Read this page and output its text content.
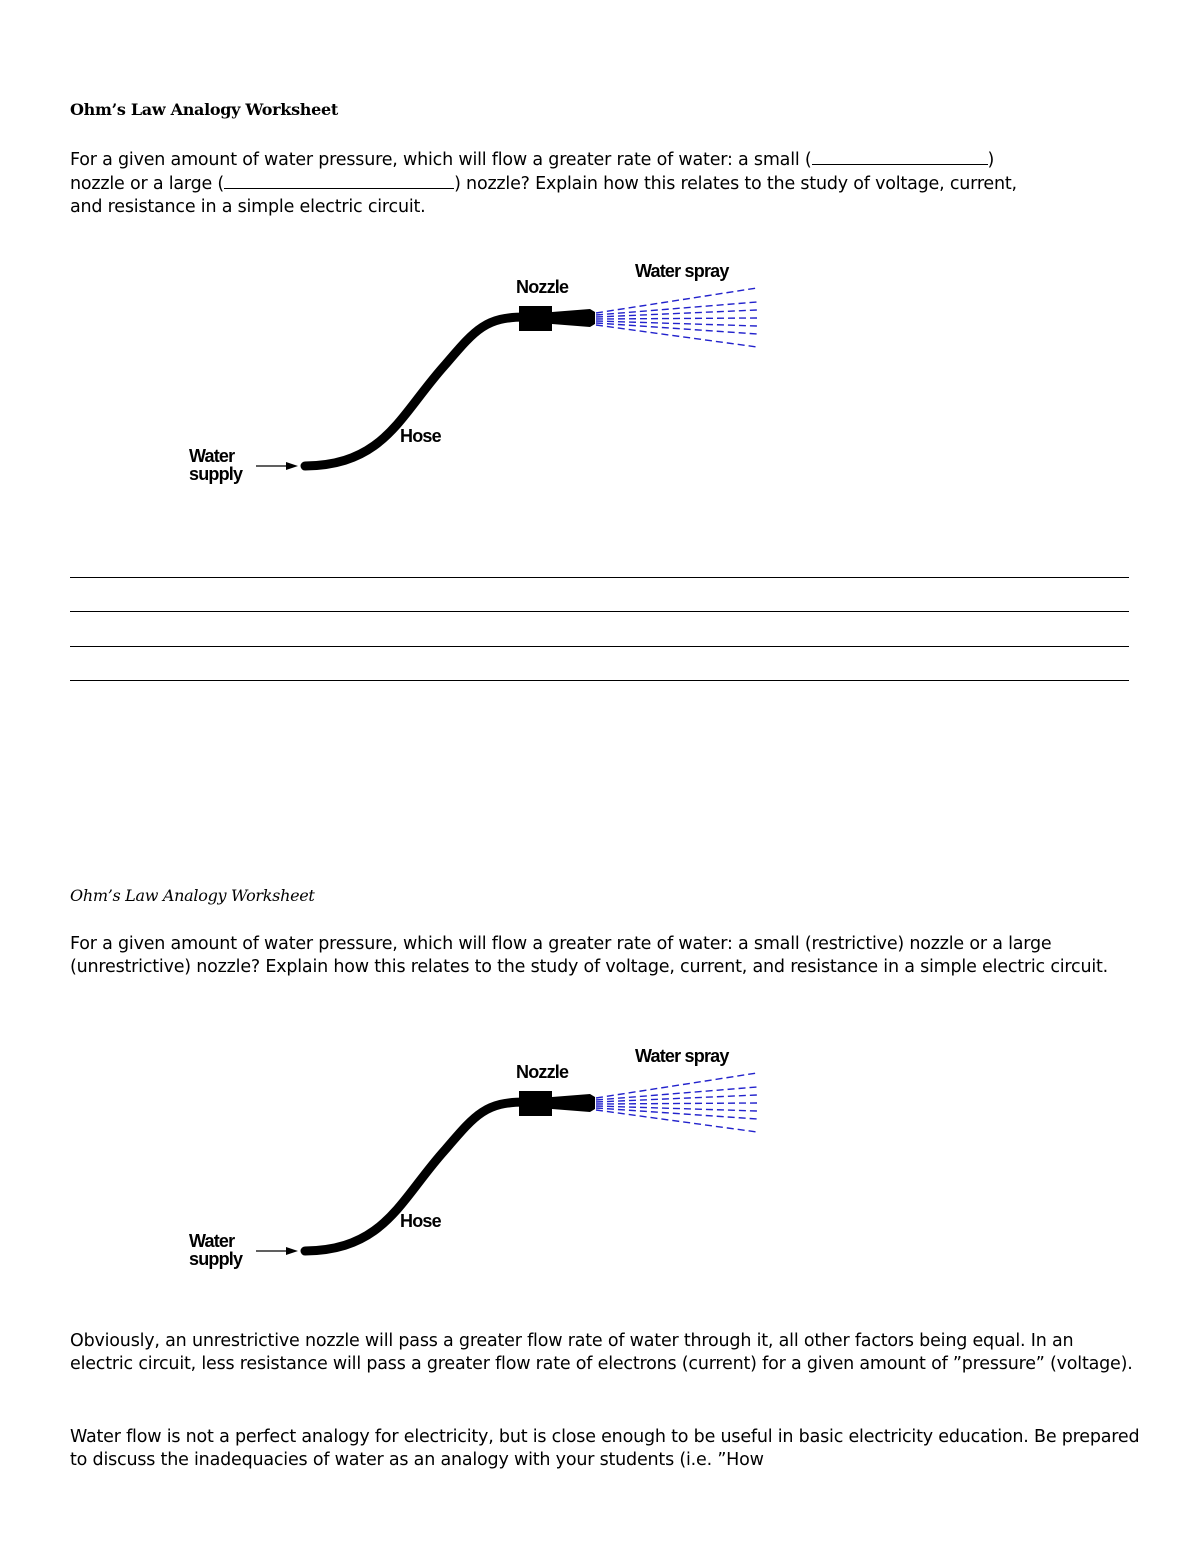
Ohm’s Law Analogy Worksheet

For a given amount of water pressure, which will flow a greater rate of water: a small (	)
nozzle or a large (	) nozzle? Explain how this relates to the study of voltage, current,
and resistance in a simple electric circuit.

Nozzle
Water spray
Hose
Water
supply
Ohm’s Law Analogy Worksheet

For a given amount of water pressure, which will flow a greater rate of water: a small (restrictive) nozzle or a large (unrestrictive) nozzle? Explain how this relates to the study of voltage, current, and resistance in a simple electric circuit.

Nozzle
Water spray
Hose
Water
supply

Obviously, an unrestrictive nozzle will pass a greater flow rate of water through it, all other factors being equal. In an electric circuit, less resistance will pass a greater flow rate of electrons (current) for a given amount of ”pressure” (voltage).

Water flow is not a perfect analogy for electricity, but is close enough to be useful in basic electricity education. Be prepared to discuss the inadequacies of water as an analogy with your students (i.e. ”How
